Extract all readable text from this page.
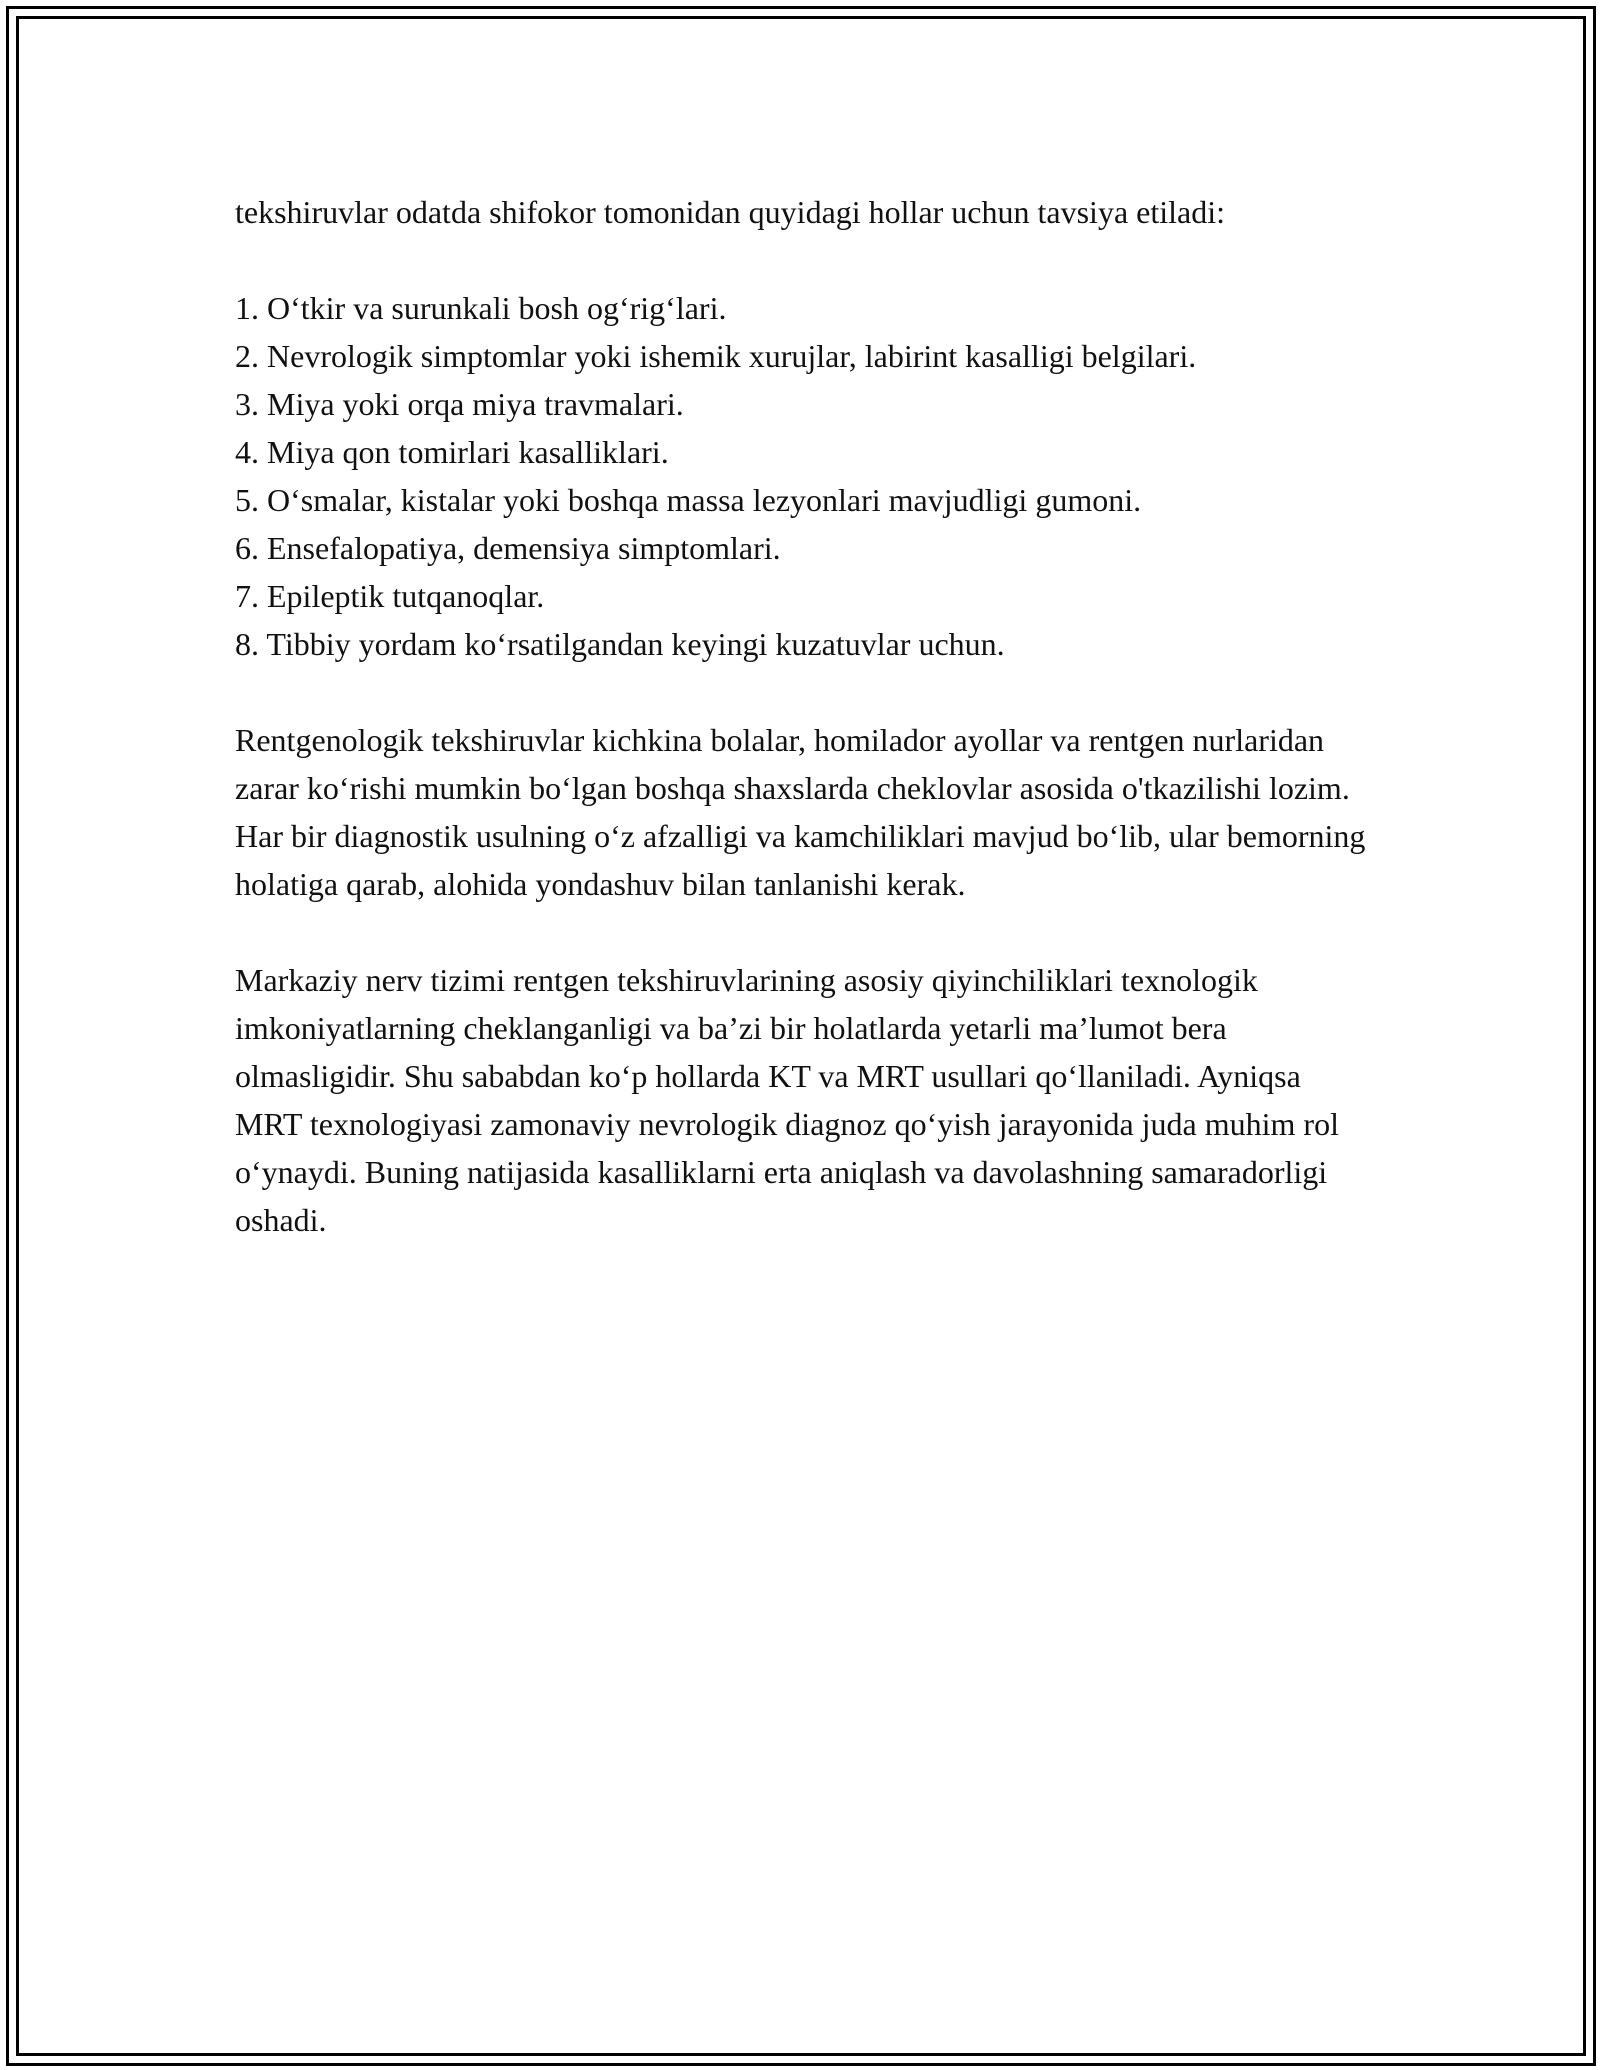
tekshiruvlar odatda shifokor tomonidan quyidagi hollar uchun tavsiya etiladi:

1. O‘tkir va surunkali bosh og‘rig‘lari.
2. Nevrologik simptomlar yoki ishemik xurujlar, labirint kasalligi belgilari.
3. Miya yoki orqa miya travmalari.
4. Miya qon tomirlari kasalliklari.
5. O‘smalar, kistalar yoki boshqa massa lezyonlari mavjudligi gumoni.
6. Ensefalopatiya, demensiya simptomlari.
7. Epileptik tutqanoqlar.
8. Tibbiy yordam ko‘rsatilgandan keyingi kuzatuvlar uchun.

Rentgenologik tekshiruvlar kichkina bolalar, homilador ayollar va rentgen nurlaridan zarar ko‘rishi mumkin bo‘lgan boshqa shaxslarda cheklovlar asosida o'tkazilishi lozim. Har bir diagnostik usulning o‘z afzalligi va kamchiliklari mavjud bo‘lib, ular bemorning holatiga qarab, alohida yondashuv bilan tanlanishi kerak.

Markaziy nerv tizimi rentgen tekshiruvlarining asosiy qiyinchiliklari texnologik imkoniyatlarning cheklanganligi va ba’zi bir holatlarda yetarli ma’lumot bera olmasligidir. Shu sababdan ko‘p hollarda KT va MRT usullari qo‘llaniladi. Ayniqsa MRT texnologiyasi zamonaviy nevrologik diagnoz qo‘yish jarayonida juda muhim rol o‘ynaydi. Buning natijasida kasalliklarni erta aniqlash va davolashning samaradorligi oshadi.
